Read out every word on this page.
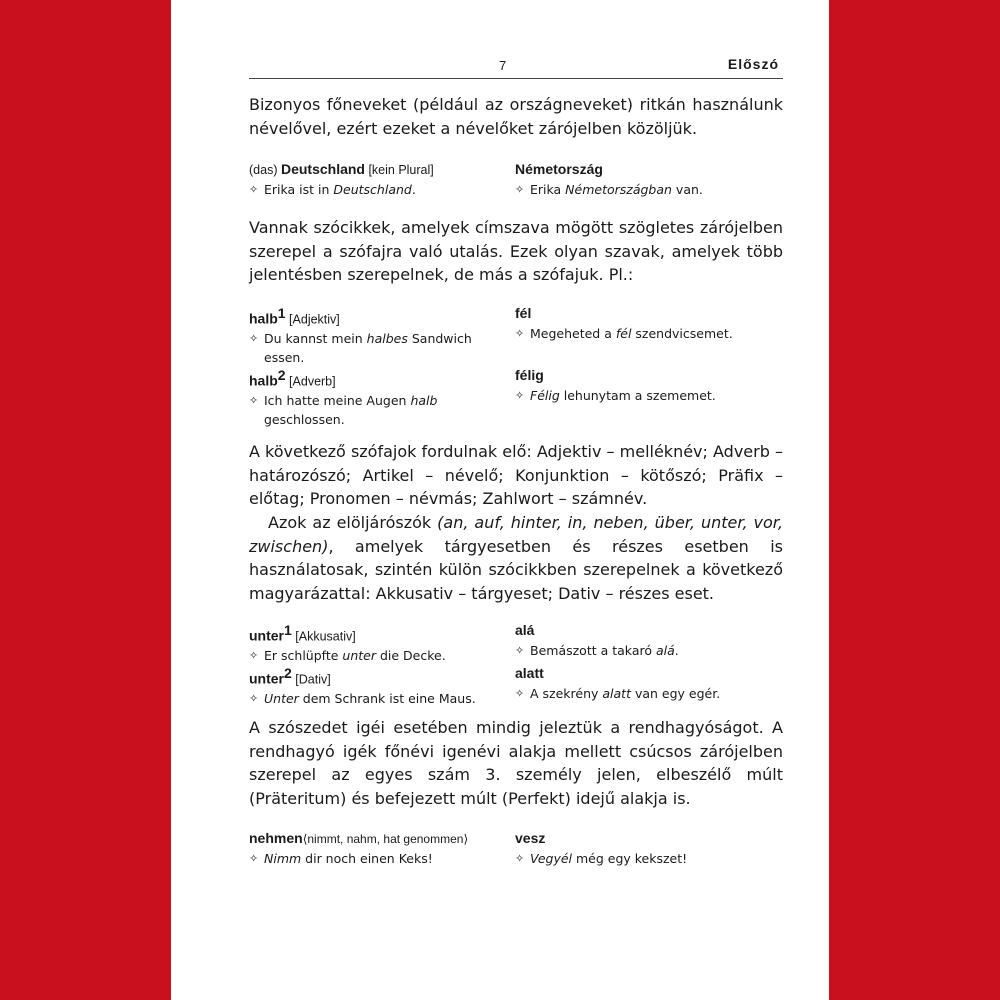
7	Előszó

Bizonyos főneveket (például az országneveket) ritkán használunk névelővel, ezért ezeket a névelőket zárójelben közöljük.

(das) Deutschland [kein Plural]
✧ Erika ist in Deutschland.
Németország
✧ Erika Németországban van.

Vannak szócikkek, amelyek címszava mögött szögletes zárójelben szerepel a szófajra való utalás. Ezek olyan szavak, amelyek több jelentésben szerepelnek, de más a szófajuk. Pl.:

halb$^1$ [Adjektiv]
✧ Du kannst mein halbes Sandwich essen.
fél
✧ Megeheted a fél szendvicsemet.
halb$^2$ [Adverb]
✧ Ich hatte meine Augen halb geschlossen.
félig
✧ Félig lehunytam a szememet.

A következő szófajok fordulnak elő: Adjektiv – melléknév; Adverb – határozószó; Artikel – névelő; Konjunktion – kötőszó; Präfix – előtag; Pronomen – névmás; Zahlwort – számnév.

Azok az elöljárószók (an, auf, hinter, in, neben, über, unter, vor, zwischen), amelyek tárgyesetben és részes esetben is használatosak, szintén külön szócikkben szerepelnek a következő magyarázattal: Akkusativ – tárgyeset; Dativ – részes eset.

unter$^1$ [Akkusativ]
✧ Er schlüpfte unter die Decke.
alá
✧ Bemászott a takaró alá.
unter$^2$ [Dativ]
✧ Unter dem Schrank ist eine Maus.
alatt
✧ A szekrény alatt van egy egér.

A szószedet igéi esetében mindig jeleztük a rendhagyóságot. A rendhagyó igék főnévi igenévi alakja mellett csúcsos zárójelben szerepel az egyes szám 3. személy jelen, elbeszélő múlt (Präteritum) és befejezett múlt (Perfekt) idejű alakja is.

nehmen⟨nimmt, nahm, hat genommen⟩
✧ Nimm dir noch einen Keks!
vesz
✧ Vegyél még egy kekszet!
